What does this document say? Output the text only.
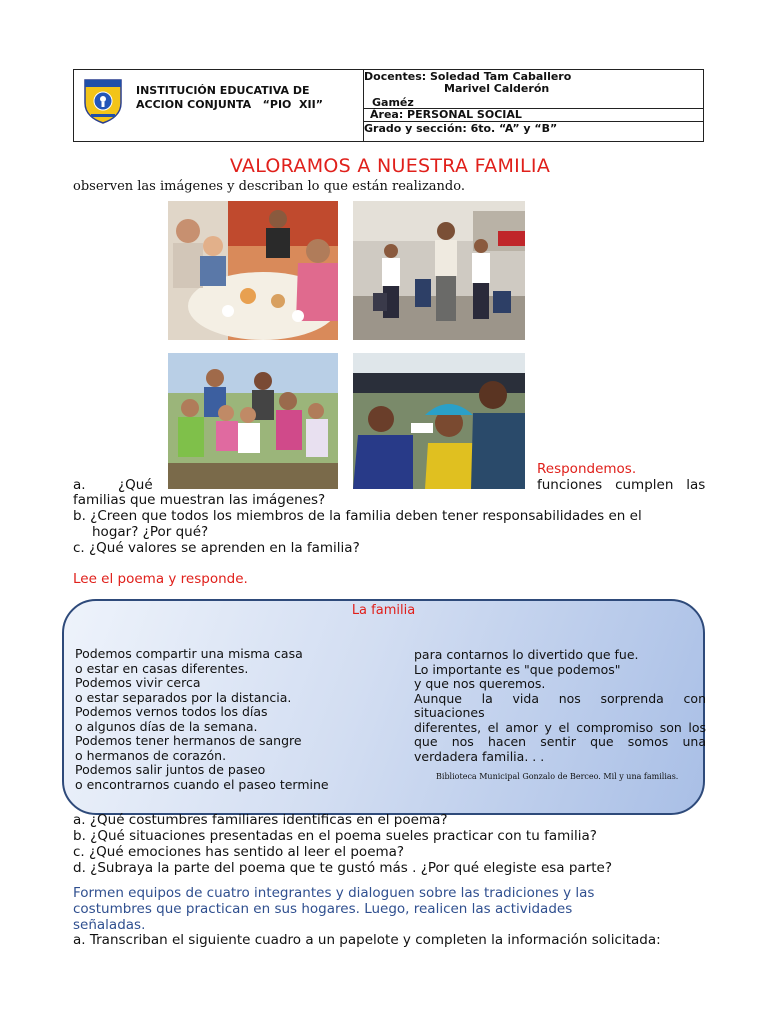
INSTITUCIÓN EDUCATIVA DE
ACCION CONJUNTA   “PIO  XII”
Docentes: Soledad Tam Caballero
Marivel Calderón
Gaméz
Área: PERSONAL SOCIAL
Grado y sección: 6to. “A” y “B”
VALORAMOS A NUESTRA FAMILIA
observen las imágenes y describan lo que están realizando.
Respondemos.
a. ¿Qué	funciones   cumplen   las
familias que muestran las imágenes?
b. ¿Creen que todos los miembros de la familia deben tener responsabilidades en el
hogar? ¿Por qué?
c. ¿Qué valores se aprenden en la familia?
Lee el poema y responde.
La familia
Podemos compartir una misma casa
o estar en casas diferentes.
Podemos vivir cerca
o estar separados por la distancia.
Podemos vernos todos los días
o algunos días de la semana.
Podemos tener hermanos de sangre
o hermanos de corazón.
Podemos salir juntos de paseo
o encontrarnos cuando el paseo termine
para contarnos lo divertido que fue.
Lo importante es "que podemos"
y que nos queremos.
Aunque la vida nos sorprenda con
situaciones
diferentes, el amor y el compromiso son los
que nos hacen sentir que somos una
verdadera familia. . .
Biblioteca Municipal Gonzalo de Berceo. Mil y una familias.
a. ¿Qué costumbres familiares identificas en el poema?
b. ¿Qué situaciones presentadas en el poema sueles practicar con tu familia?
c. ¿Qué emociones has sentido al leer el poema?
d. ¿Subraya la parte del poema que te gustó más . ¿Por qué elegiste esa parte?
Formen equipos de cuatro integrantes y dialoguen sobre las tradiciones y las costumbres que practican en sus hogares. Luego, realicen las actividades señaladas.
a. Transcriban el siguiente cuadro a un papelote y completen la información solicitada:
